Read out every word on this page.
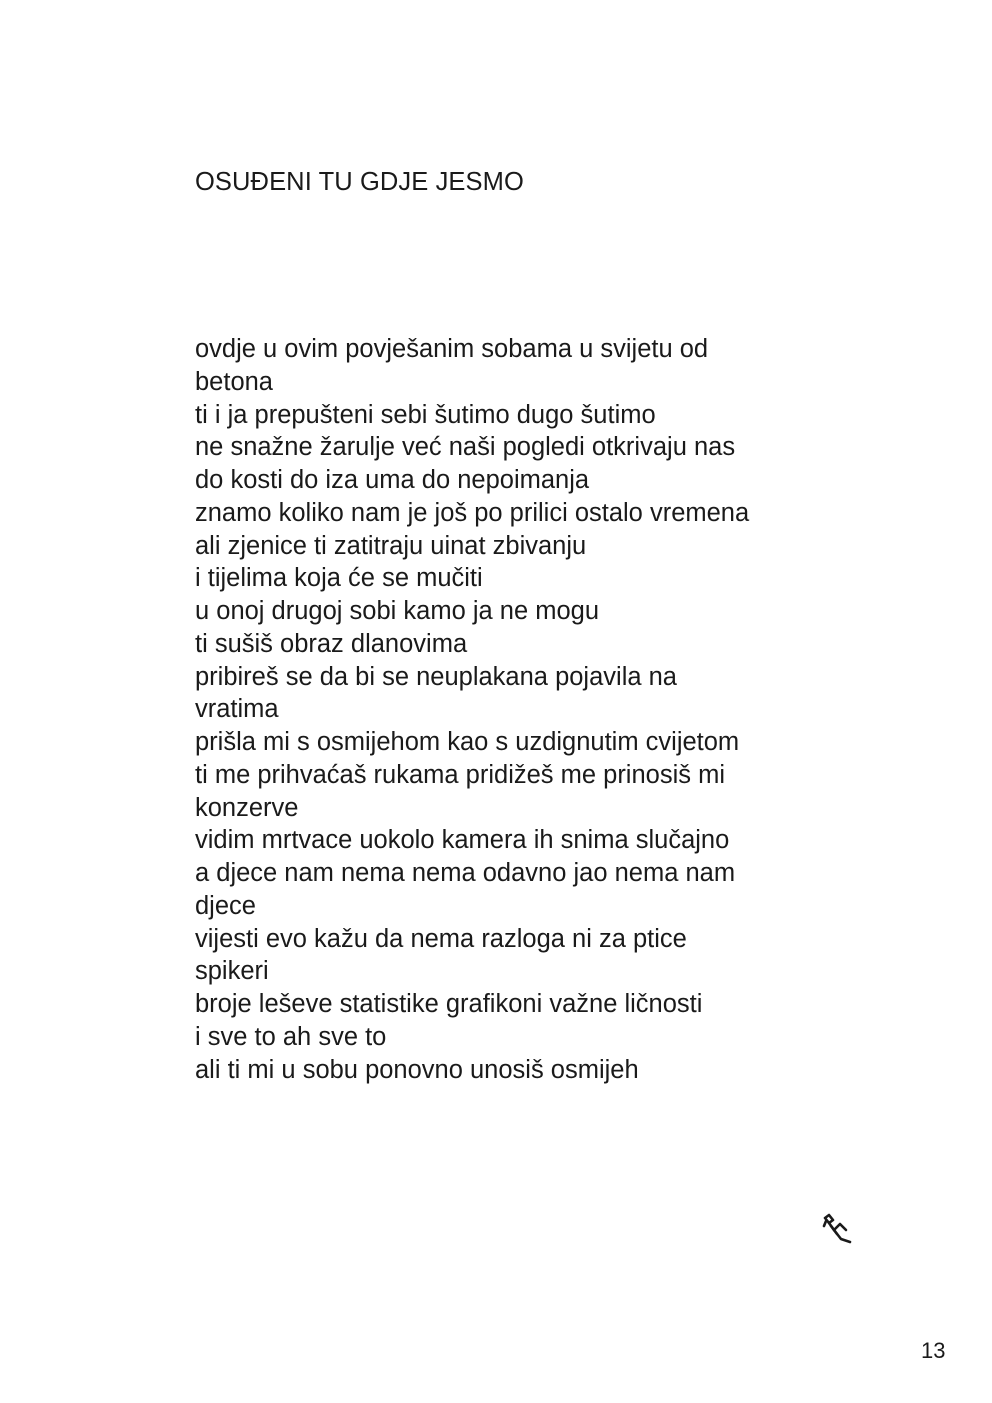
OSUĐENI TU GDJE JESMO
ovdje u ovim povješanim sobama u svijetu od
betona
ti i ja prepušteni sebi šutimo dugo šutimo
ne snažne žarulje već naši pogledi otkrivaju nas
do kosti do iza uma do nepoimanja
znamo koliko nam je još po prilici ostalo vremena
ali zjenice ti zatitraju uinat zbivanju
i tijelima koja će se mučiti
u onoj drugoj sobi kamo ja ne mogu
ti sušiš obraz dlanovima
pribireš se da bi se neuplakana pojavila na
vratima
prišla mi s osmijehom kao s uzdignutim cvijetom
ti me prihvaćaš rukama pridižeš me prinosiš mi
konzerve
vidim mrtvace uokolo kamera ih snima slučajno
a djece nam nema nema odavno jao nema nam
djece
vijesti evo kažu da nema razloga ni za ptice
spikeri
broje leševe statistike grafikoni važne ličnosti
i sve to ah sve to
ali ti mi u sobu ponovno unosiš osmijeh

13
